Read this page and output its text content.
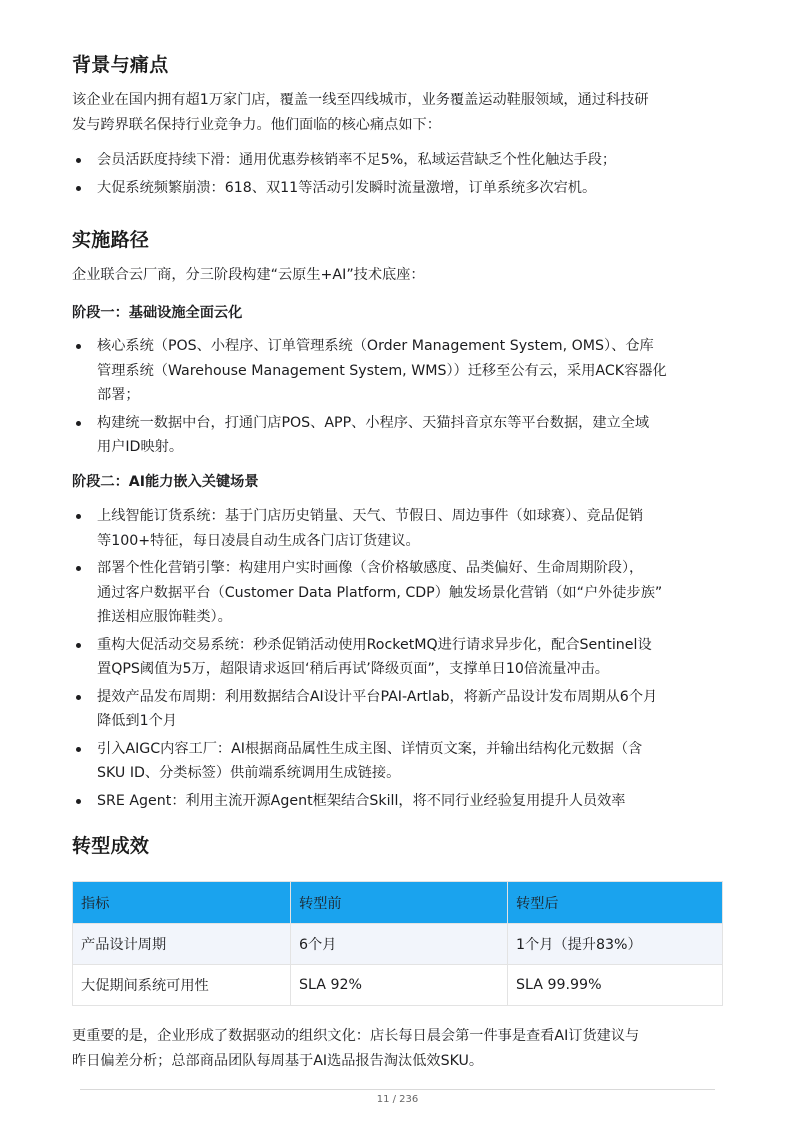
背景与痛点

该企业在国内拥有超1万家门店，覆盖一线至四线城市，业务覆盖运动鞋服领域，通过科技研
发与跨界联名保持行业竞争力。他们面临的核心痛点如下：

会员活跃度持续下滑：通用优惠券核销率不足5%，私域运营缺乏个性化触达手段；
大促系统频繁崩溃：618、双11等活动引发瞬时流量激增，订单系统多次宕机。
实施路径

企业联合云厂商，分三阶段构建“云原生+AI”技术底座：

阶段一：基础设施全面云化
核心系统（POS、小程序、订单管理系统（Order Management System, OMS）、仓库
管理系统（Warehouse Management System, WMS））迁移至公有云，采用ACK容器化
部署；
构建统一数据中台，打通门店POS、APP、小程序、天猫抖音京东等平台数据，建立全域
用户ID映射。
阶段二：AI能力嵌入关键场景
上线智能订货系统：基于门店历史销量、天气、节假日、周边事件（如球赛）、竞品促销
等100+特征，每日凌晨自动生成各门店订货建议。
部署个性化营销引擎：构建用户实时画像（含价格敏感度、品类偏好、生命周期阶段），
通过客户数据平台（Customer Data Platform, CDP）触发场景化营销（如“户外徒步族”
推送相应服饰鞋类）。
重构大促活动交易系统：秒杀促销活动使用RocketMQ进行请求异步化，配合Sentinel设
置QPS阈值为5万，超限请求返回‘稍后再试’降级页面”，支撑单日10倍流量冲击。
提效产品发布周期：利用数据结合AI设计平台PAI-Artlab，将新产品设计发布周期从6个月
降低到1个月
引入AIGC内容工厂：AI根据商品属性生成主图、详情页文案，并输出结构化元数据（含
SKU ID、分类标签）供前端系统调用生成链接。
SRE Agent：利用主流开源Agent框架结合Skill，将不同行业经验复用提升人员效率
转型成效
指标	转型前	转型后
产品设计周期	6个月	1个月（提升83%）
大促期间系统可用性	SLA 92%	SLA 99.99%

更重要的是，企业形成了数据驱动的组织文化：店长每日晨会第一件事是查看AI订货建议与
昨日偏差分析；总部商品团队每周基于AI选品报告淘汰低效SKU。

11 / 236
